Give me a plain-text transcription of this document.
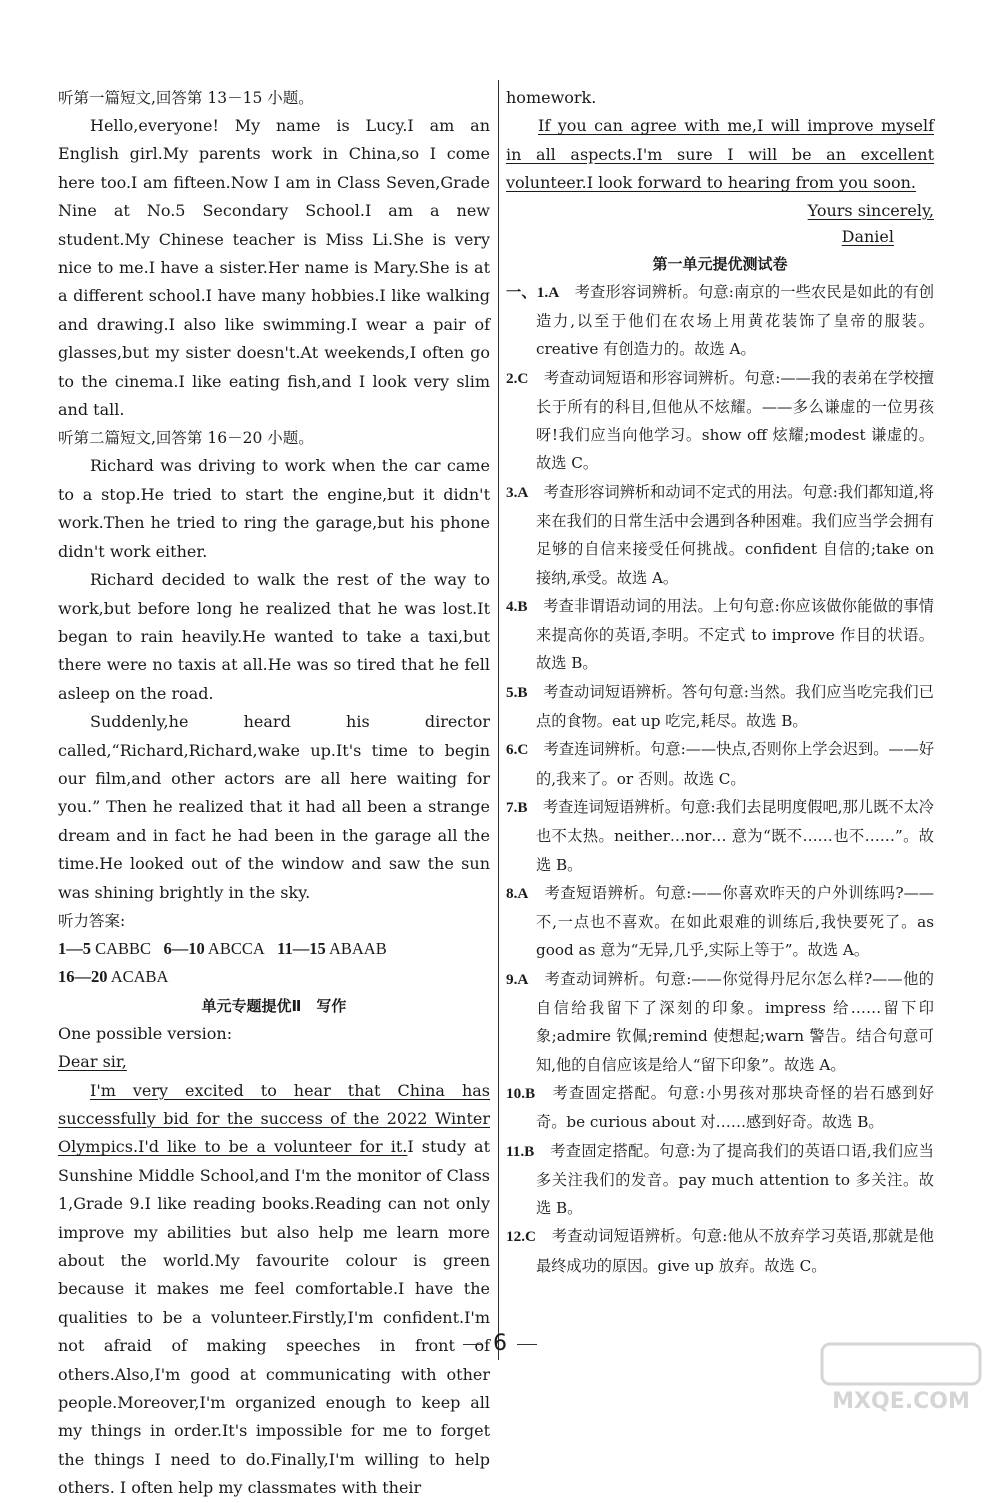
听第一篇短文,回答第 13－15 小题。

Hello,everyone! My name is Lucy.I am an English girl.My parents work in China,so I come here too.I am fifteen.Now I am in Class Seven,Grade Nine at No.5 Secondary School.I am a new student.My Chinese teacher is Miss Li.She is very nice to me.I have a sister.Her name is Mary.She is at a different school.I have many hobbies.I like walking and drawing.I also like swimming.I wear a pair of glasses,but my sister doesn't.At weekends,I often go to the cinema.I like eating fish,and I look very slim and tall.

听第二篇短文,回答第 16－20 小题。

Richard was driving to work when the car came to a stop.He tried to start the engine,but it didn't work.Then he tried to ring the garage,but his phone didn't work either.

Richard decided to walk the rest of the way to work,but before long he realized that he was lost.It began to rain heavily.He wanted to take a taxi,but there were no taxis at all.He was so tired that he fell asleep on the road.

Suddenly,he heard his director called,“Richard,Richard,wake up.It's time to begin our film,and other actors are all here waiting for you.” Then he realized that it had all been a strange dream and in fact he had been in the garage all the time.He looked out of the window and saw the sun was shining brightly in the sky.

听力答案:

1—5 CABBC 6—10 ABCCA 11—15 ABAAB

16—20 ACABA

单元专题提优Ⅱ　写作

One possible version:

Dear sir,

I'm very excited to hear that China has successfully bid for the success of the 2022 Winter Olympics.I'd like to be a volunteer for it.I study at Sunshine Middle School,and I'm the monitor of Class 1,Grade 9.I like reading books.Reading can not only improve my abilities but also help me learn more about the world.My favourite colour is green because it makes me feel comfortable.I have the qualities to be a volunteer.Firstly,I'm confident.I'm not afraid of making speeches in front of others.Also,I'm good at communicating with other people.Moreover,I'm organized enough to keep all my things in order.It's impossible for me to forget the things I need to do.Finally,I'm willing to help others. I often help my classmates with their

homework.

If you can agree with me,I will improve myself in all aspects.I'm sure I will be an excellent volunteer.I look forward to hearing from you soon.

Yours sincerely,

Daniel

第一单元提优测试卷

一、1.A　 考查形容词辨析。句意:南京的一些农民是如此的有创造力,以至于他们在农场上用黄花装饰了皇帝的服装。creative 有创造力的。故选 A。

2.C　 考查动词短语和形容词辨析。句意:——我的表弟在学校擅长于所有的科目,但他从不炫耀。——多么谦虚的一位男孩呀!我们应当向他学习。show off 炫耀;modest 谦虚的。故选 C。

3.A　 考查形容词辨析和动词不定式的用法。句意:我们都知道,将来在我们的日常生活中会遇到各种困难。我们应当学会拥有足够的自信来接受任何挑战。confident 自信的;take on 接纳,承受。故选 A。

4.B　 考查非谓语动词的用法。上句句意:你应该做你能做的事情来提高你的英语,李明。不定式 to improve 作目的状语。故选 B。

5.B　 考查动词短语辨析。答句句意:当然。我们应当吃完我们已点的食物。eat up 吃完,耗尽。故选 B。

6.C　 考查连词辨析。句意:——快点,否则你上学会迟到。——好的,我来了。or 否则。故选 C。

7.B　 考查连词短语辨析。句意:我们去昆明度假吧,那儿既不太冷也不太热。neither…nor… 意为“既不……也不……”。故选 B。

8.A　 考查短语辨析。句意:——你喜欢昨天的户外训练吗?——不,一点也不喜欢。在如此艰难的训练后,我快要死了。as good as 意为“无异,几乎,实际上等于”。故选 A。

9.A　 考查动词辨析。句意:——你觉得丹尼尔怎么样?——他的自信给我留下了深刻的印象。impress 给……留下印象;admire 钦佩;remind 使想起;warn 警告。结合句意可知,他的自信应该是给人“留下印象”。故选 A。

10.B　 考查固定搭配。句意:小男孩对那块奇怪的岩石感到好奇。be curious about 对……感到好奇。故选 B。

11.B　 考查固定搭配。句意:为了提高我们的英语口语,我们应当多关注我们的发音。pay much attention to 多关注。故选 B。

12.C　 考查动词短语辨析。句意:他从不放弃学习英语,那就是他最终成功的原因。give up 放弃。故选 C。

6
MXQE.COM
